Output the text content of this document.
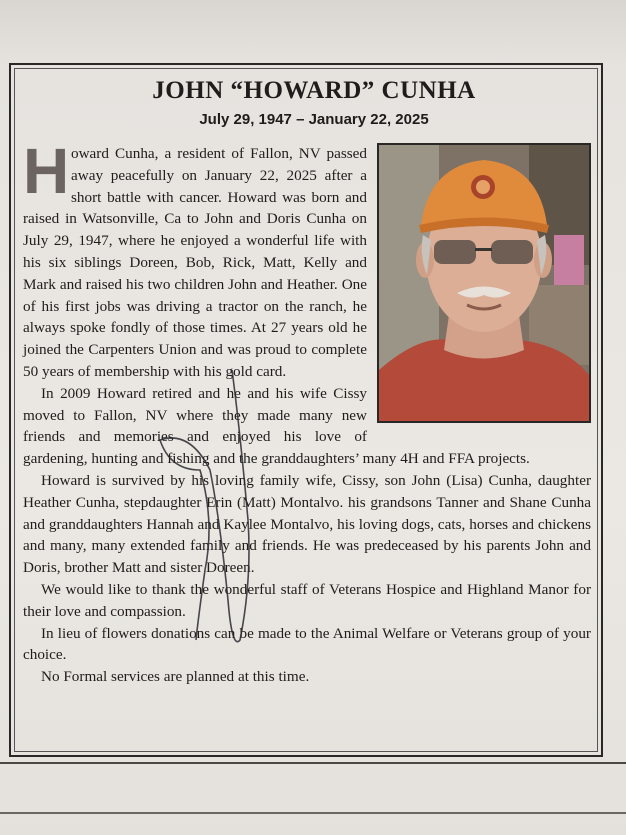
JOHN “HOWARD” CUNHA
July 29, 1947 – January 22, 2025
H oward Cunha, a resident of Fallon, NV passed away peacefully on January 22, 2025 after a short battle with cancer. Howard was born and raised in Watsonville, Ca to John and Doris Cunha on July 29, 1947, where he enjoyed a wonderful life with his six siblings Doreen, Bob, Rick, Matt, Kelly and Mark and raised his two children John and Heather. One of his first jobs was driving a tractor on the ranch, he always spoke fondly of those times. At 27 years old he joined the Carpenters Union and was proud to complete 50 years of membership with his gold card.

In 2009 Howard retired and he and his wife Cissy moved to Fallon, NV where they made many new friends and memories and enjoyed his love of gardening, hunting and fishing and the granddaughters’ many 4H and FFA projects.

Howard is survived by his loving family wife, Cissy, son John (Lisa) Cunha, daughter Heather Cunha, stepdaughter Erin (Matt) Montalvo. his grandsons Tanner and Shane Cunha and granddaughters Hannah and Kaylee Montalvo, his loving dogs, cats, horses and chickens and many, many extended family and friends. He was predeceased by his parents John and Doris, brother Matt and sister Doreen.

We would like to thank the wonderful staff of Veterans Hospice and Highland Manor for their love and compassion.

In lieu of flowers donations can be made to the Animal Welfare or Veterans group of your choice.

No Formal services are planned at this time.
